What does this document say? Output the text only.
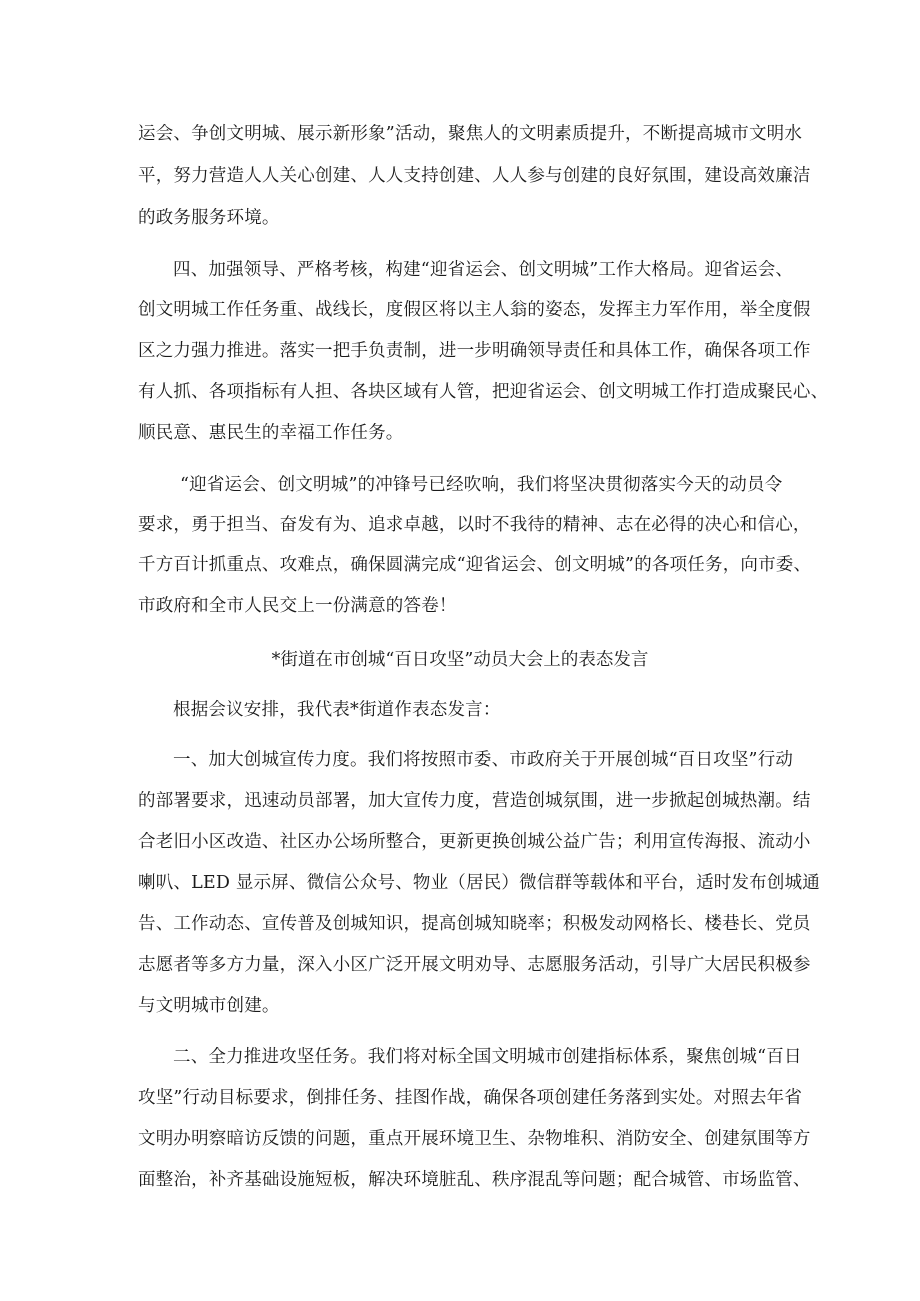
运会、争创文明城、展示新形象”活动，聚焦人的文明素质提升，不断提高城市文明水
平，努力营造人人关心创建、人人支持创建、人人参与创建的良好氛围，建设高效廉洁
的政务服务环境。
四、加强领导、严格考核，构建“迎省运会、创文明城”工作大格局。迎省运会、
创文明城工作任务重、战线长，度假区将以主人翁的姿态，发挥主力军作用，举全度假
区之力强力推进。落实一把手负责制，进一步明确领导责任和具体工作，确保各项工作
有人抓、各项指标有人担、各块区域有人管，把迎省运会、创文明城工作打造成聚民心、
顺民意、惠民生的幸福工作任务。
“迎省运会、创文明城”的冲锋号已经吹响，我们将坚决贯彻落实今天的动员令
要求，勇于担当、奋发有为、追求卓越，以时不我待的精神、志在必得的决心和信心，
千方百计抓重点、攻难点，确保圆满完成“迎省运会、创文明城”的各项任务，向市委、
市政府和全市人民交上一份满意的答卷！
*街道在市创城“百日攻坚”动员大会上的表态发言
根据会议安排，我代表*街道作表态发言：
一、加大创城宣传力度。我们将按照市委、市政府关于开展创城“百日攻坚”行动
的部署要求，迅速动员部署，加大宣传力度，营造创城氛围，进一步掀起创城热潮。结
合老旧小区改造、社区办公场所整合，更新更换创城公益广告；利用宣传海报、流动小
喇叭、LED 显示屏、微信公众号、物业（居民）微信群等载体和平台，适时发布创城通
告、工作动态、宣传普及创城知识，提高创城知晓率；积极发动网格长、楼巷长、党员
志愿者等多方力量，深入小区广泛开展文明劝导、志愿服务活动，引导广大居民积极参
与文明城市创建。
二、全力推进攻坚任务。我们将对标全国文明城市创建指标体系，聚焦创城“百日
攻坚”行动目标要求，倒排任务、挂图作战，确保各项创建任务落到实处。对照去年省
文明办明察暗访反馈的问题，重点开展环境卫生、杂物堆积、消防安全、创建氛围等方
面整治，补齐基础设施短板，解决环境脏乱、秩序混乱等问题；配合城管、市场监管、
